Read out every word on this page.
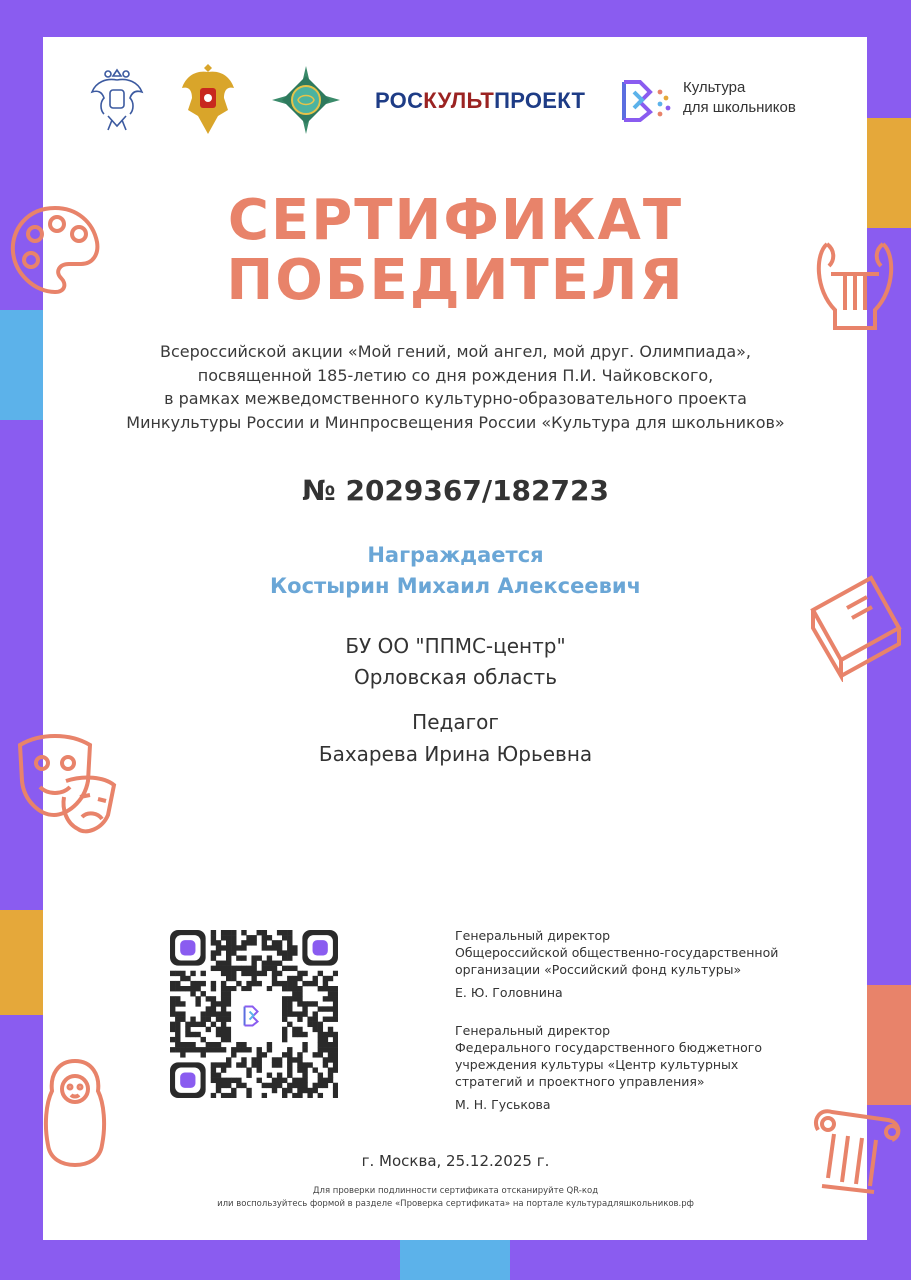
РОСКУЛЬТПРОЕКТ
Культура
для школьников
СЕРТИФИКАТ
ПОБЕДИТЕЛЯ
Всероссийской акции «Мой гений, мой ангел, мой друг. Олимпиада»,
посвященной 185-летию со дня рождения П.И. Чайковского,
в рамках межведомственного культурно-образовательного проекта
Минкультуры России и Минпросвещения России «Культура для школьников»
№ 2029367/182723
Награждается
Костырин Михаил Алексеевич
БУ ОО "ППМС-центр"
Орловская область
Педагог
Бахарева Ирина Юрьевна
Генеральный директор
Общероссийской общественно-государственной
организации «Российский фонд культуры»
Е. Ю. Головнина
Генеральный директор
Федерального государственного бюджетного
учреждения культуры «Центр культурных
стратегий и проектного управления»
М. Н. Гуськова
г. Москва, 25.12.2025 г.
Для проверки подлинности сертификата отсканируйте QR-код
или воспользуйтесь формой в разделе «Проверка сертификата» на портале культурадляшкольников.рф
